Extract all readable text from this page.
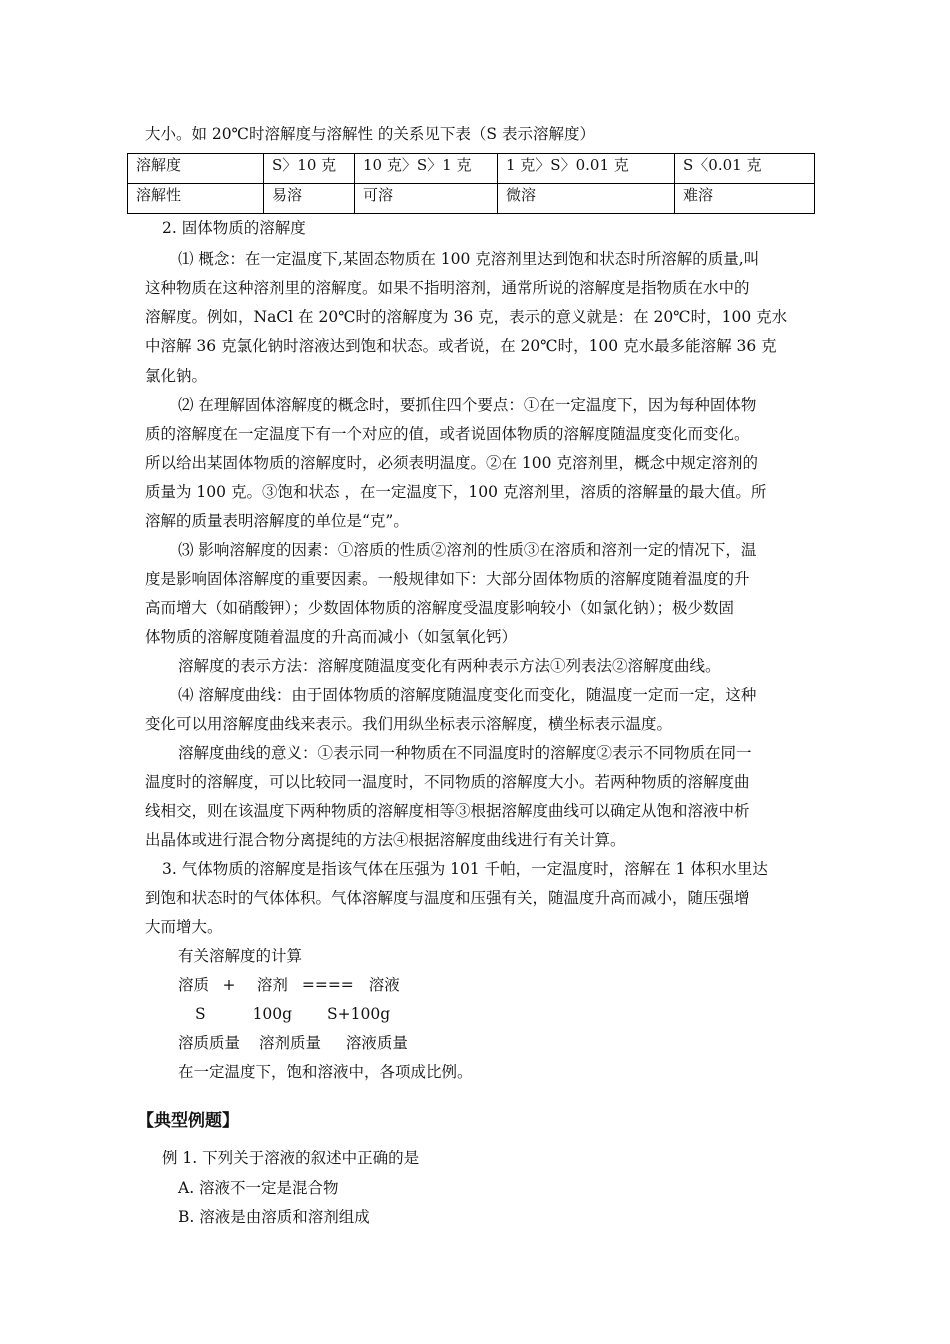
大小。如 20℃时溶解度与溶解性 的关系见下表（S 表示溶解度）
溶解度	S〉10 克	10 克〉S〉1 克	1 克〉S〉0.01 克	S〈0.01 克
溶解性	易溶	可溶	微溶	难溶
2. 固体物质的溶解度
⑴ 概念：在一定温度下,某固态物质在 100 克溶剂里达到饱和状态时所溶解的质量,叫
这种物质在这种溶剂里的溶解度。如果不指明溶剂，通常所说的溶解度是指物质在水中的
溶解度。例如，NaCl 在 20℃时的溶解度为 36 克，表示的意义就是：在 20℃时，100 克水
中溶解 36 克氯化钠时溶液达到饱和状态。或者说，在 20℃时，100 克水最多能溶解 36 克
氯化钠。
⑵ 在理解固体溶解度的概念时，要抓住四个要点：①在一定温度下，因为每种固体物
质的溶解度在一定温度下有一个对应的值，或者说固体物质的溶解度随温度变化而变化。
所以给出某固体物质的溶解度时，必须表明温度。②在 100 克溶剂里，概念中规定溶剂的
质量为 100 克。③饱和状态 ，在一定温度下，100 克溶剂里，溶质的溶解量的最大值。所
溶解的质量表明溶解度的单位是“克”。
⑶ 影响溶解度的因素：①溶质的性质②溶剂的性质③在溶质和溶剂一定的情况下，温
度是影响固体溶解度的重要因素。一般规律如下：大部分固体物质的溶解度随着温度的升
高而增大（如硝酸钾）；少数固体物质的溶解度受温度影响较小（如氯化钠）；极少数固
体物质的溶解度随着温度的升高而减小（如氢氧化钙）
溶解度的表示方法：溶解度随温度变化有两种表示方法①列表法②溶解度曲线。
⑷ 溶解度曲线：由于固体物质的溶解度随温度变化而变化，随温度一定而一定，这种
变化可以用溶解度曲线来表示。我们用纵坐标表示溶解度，横坐标表示温度。
溶解度曲线的意义：①表示同一种物质在不同温度时的溶解度②表示不同物质在同一
温度时的溶解度，可以比较同一温度时，不同物质的溶解度大小。若两种物质的溶解度曲
线相交，则在该温度下两种物质的溶解度相等③根据溶解度曲线可以确定从饱和溶液中析
出晶体或进行混合物分离提纯的方法④根据溶解度曲线进行有关计算。
3. 气体物质的溶解度是指该气体在压强为 101 千帕，一定温度时，溶解在 1 体积水里达
到饱和状态时的气体体积。气体溶解度与温度和压强有关，随温度升高而减小，随压强增
大而增大。
有关溶解度的计算
溶质 + 溶剂 ==== 溶液
S	100g S+100g
溶质质量 溶剂质量 溶液质量
在一定温度下，饱和溶液中，各项成比例。
【典型例题】
例 1. 下列关于溶液的叙述中正确的是
A. 溶液不一定是混合物
B. 溶液是由溶质和溶剂组成
